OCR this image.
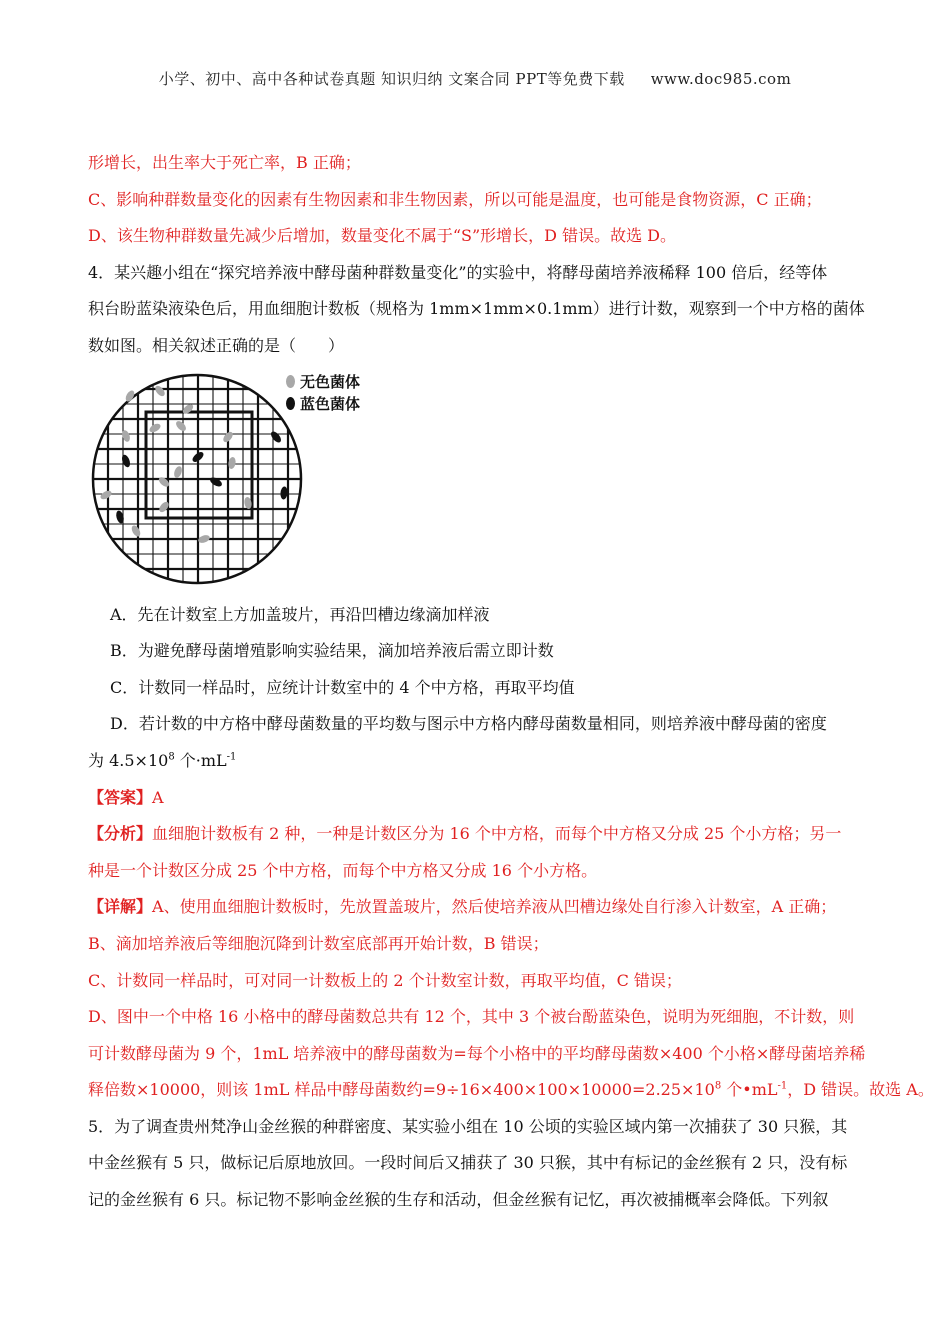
小学、初中、高中各种试卷真题 知识归纳 文案合同 PPT等免费下载 www.doc985.com
形增长，出生率大于死亡率，B 正确；
C、影响种群数量变化的因素有生物因素和非生物因素，所以可能是温度，也可能是食物资源，C 正确；
D、该生物种群数量先减少后增加，数量变化不属于“S”形增长，D 错误。故选 D。
4．某兴趣小组在“探究培养液中酵母菌种群数量变化”的实验中，将酵母菌培养液稀释 100 倍后，经等体
积台盼蓝染液染色后，用血细胞计数板（规格为 1mm×1mm×0.1mm）进行计数，观察到一个中方格的菌体
数如图。相关叙述正确的是（　　）
无色菌体
蓝色菌体
A．先在计数室上方加盖玻片，再沿凹槽边缘滴加样液
B．为避免酵母菌增殖影响实验结果，滴加培养液后需立即计数
C．计数同一样品时，应统计计数室中的 4 个中方格，再取平均值
D．若计数的中方格中酵母菌数量的平均数与图示中方格内酵母菌数量相同，则培养液中酵母菌的密度
为 $4.5\times 10^8$ 个$\cdot mL^{-1}$
【答案】A
【分析】血细胞计数板有 2 种，一种是计数区分为 16 个中方格，而每个中方格又分成 25 个小方格；另一
种是一个计数区分成 25 个中方格，而每个中方格又分成 16 个小方格。
【详解】A、使用血细胞计数板时，先放置盖玻片，然后使培养液从凹槽边缘处自行渗入计数室，A 正确；
B、滴加培养液后等细胞沉降到计数室底部再开始计数，B 错误；
C、计数同一样品时，可对同一计数板上的 2 个计数室计数，再取平均值，C 错误；
D、图中一个中格 16 小格中的酵母菌数总共有 12 个，其中 3 个被台酚蓝染色，说明为死细胞，不计数，则
可计数酵母菌为 9 个，1mL 培养液中的酵母菌数为=每个小格中的平均酵母菌数×400 个小格×酵母菌培养稀
释倍数×10000，则该 1mL 样品中酵母菌数约$=9\div 16\times 400\times 100\times 10000=2.25\times 10^8$ 个$•mL^{-1}$，D 错误。故选 A。
5．为了调查贵州梵净山金丝猴的种群密度、某实验小组在 10 公顷的实验区域内第一次捕获了 30 只猴，其
中金丝猴有 5 只，做标记后原地放回。一段时间后又捕获了 30 只猴，其中有标记的金丝猴有 2 只，没有标
记的金丝猴有 6 只。标记物不影响金丝猴的生存和活动，但金丝猴有记忆，再次被捕概率会降低。下列叙
